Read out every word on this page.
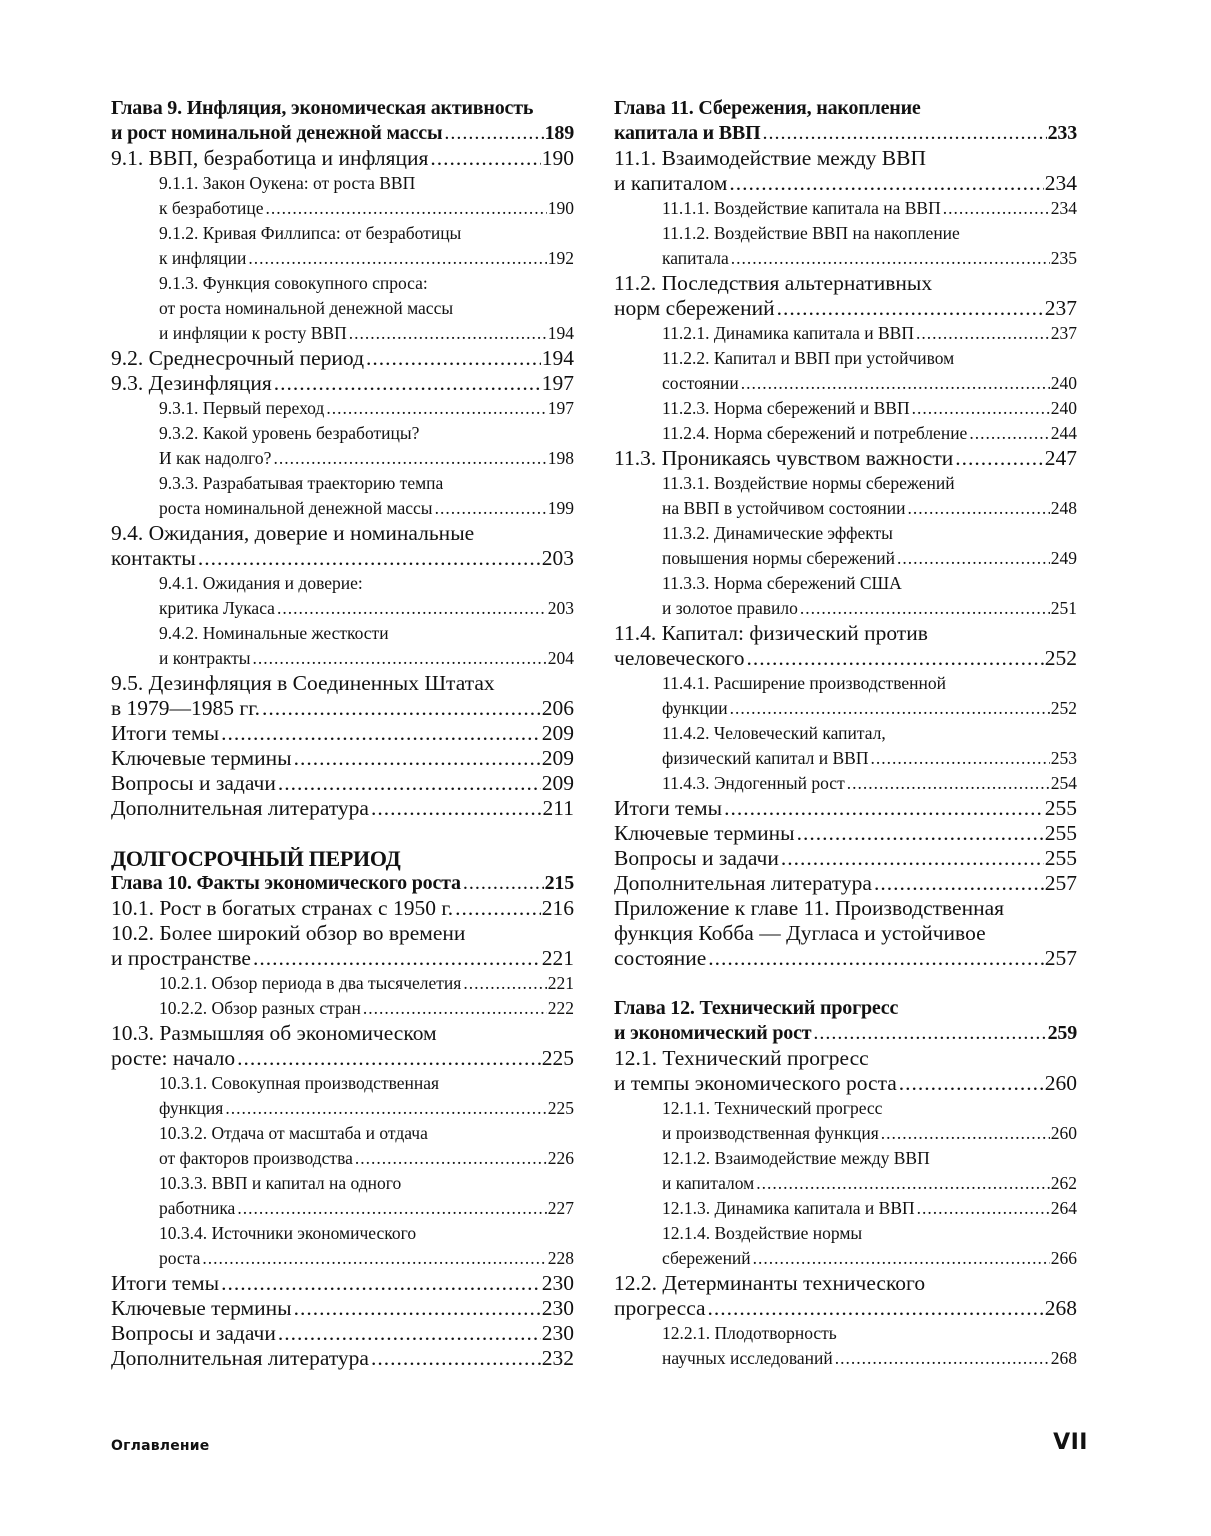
Глава 9. Инфляция, экономическая активность
и рост номинальной денежной массы .....	189
9.1. ВВП, безработица и инфляция .....	190
9.1.1. Закон Оукена: от роста ВВП
к безработице .....	190
9.1.2. Кривая Филлипса: от безработицы
к инфляции .....	192
9.1.3. Функция совокупного спроса:
от роста номинальной денежной массы
и инфляции к росту ВВП .....	194
9.2. Среднесрочный период .....	194
9.3. Дезинфляция .....	197
9.3.1. Первый переход .....	197
9.3.2. Какой уровень безработицы?
И как надолго? .....	198
9.3.3. Разрабатывая траекторию темпа
роста номинальной денежной массы .....	199
9.4. Ожидания, доверие и номинальные
контакты .....	203
9.4.1. Ожидания и доверие:
критика Лукаса .....	203
9.4.2. Номинальные жесткости
и контракты .....	204
9.5. Дезинфляция в Соединенных Штатах
в 1979—1985 гг. .....	206
Итоги темы .....	209
Ключевые термины .....	209
Вопросы и задачи .....	209
Дополнительная литература .....	211
ДОЛГОСРОЧНЫЙ ПЕРИОД
Глава 10. Факты экономического роста .....	215
10.1. Рост в богатых странах с 1950 г. .....	216
10.2. Более широкий обзор во времени
и пространстве .....	221
10.2.1. Обзор периода в два тысячелетия .....	221
10.2.2. Обзор разных стран .....	222
10.3. Размышляя об экономическом
росте: начало .....	225
10.3.1. Совокупная производственная
функция .....	225
10.3.2. Отдача от масштаба и отдача
от факторов производства .....	226
10.3.3. ВВП и капитал на одного
работника .....	227
10.3.4. Источники экономического
роста .....	228
Итоги темы .....	230
Ключевые термины .....	230
Вопросы и задачи .....	230
Дополнительная литература .....	232
Глава 11. Сбережения, накопление
капитала и ВВП .....	233
11.1. Взаимодействие между ВВП
и капиталом .....	234
11.1.1. Воздействие капитала на ВВП .....	234
11.1.2. Воздействие ВВП на накопление
капитала .....	235
11.2. Последствия альтернативных
норм сбережений .....	237
11.2.1. Динамика капитала и ВВП .....	237
11.2.2. Капитал и ВВП при устойчивом
состоянии .....	240
11.2.3. Норма сбережений и ВВП .....	240
11.2.4. Норма сбережений и потребление .....	244
11.3. Проникаясь чувством важности .....	247
11.3.1. Воздействие нормы сбережений
на ВВП в устойчивом состоянии .....	248
11.3.2. Динамические эффекты
повышения нормы сбережений .....	249
11.3.3. Норма сбережений США
и золотое правило .....	251
11.4. Капитал: физический против
человеческого .....	252
11.4.1. Расширение производственной
функции .....	252
11.4.2. Человеческий капитал,
физический капитал и ВВП .....	253
11.4.3. Эндогенный рост .....	254
Итоги темы .....	255
Ключевые термины .....	255
Вопросы и задачи .....	255
Дополнительная литература .....	257
Приложение к главе 11. Производственная
функция Кобба — Дугласа и устойчивое
состояние .....	257
Глава 12. Технический прогресс
и экономический рост .....	259
12.1. Технический прогресс
и темпы экономического роста .....	260
12.1.1. Технический прогресс
и производственная функция .....	260
12.1.2. Взаимодействие между ВВП
и капиталом .....	262
12.1.3. Динамика капитала и ВВП .....	264
12.1.4. Воздействие нормы
сбережений .....	266
12.2. Детерминанты технического
прогресса .....	268
12.2.1. Плодотворность
научных исследований .....	268
Оглавление	VII
